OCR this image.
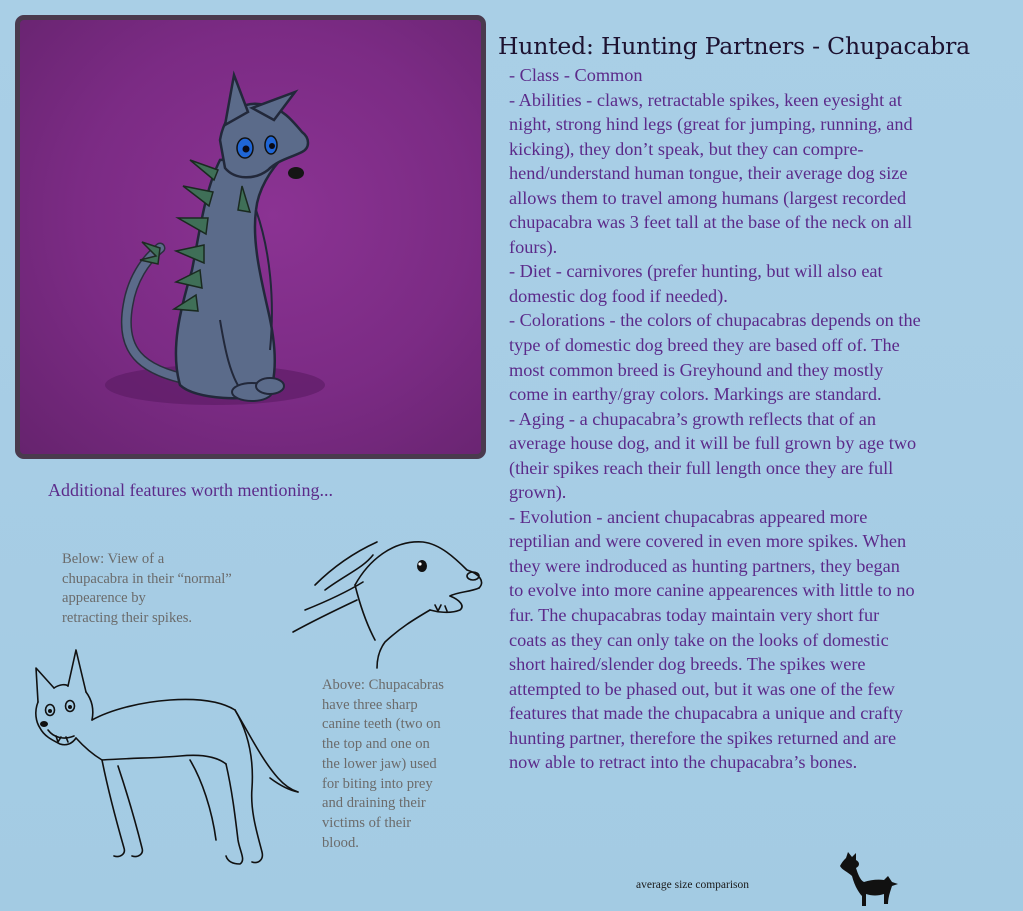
Hunted: Hunting Partners - Chupacabra
- Class - Common
- Abilities - claws, retractable spikes, keen eyesight at
night, strong hind legs (great for jumping, running, and
kicking), they don’t speak, but they can compre-
hend/understand human tongue, their average dog size
allows them to travel among humans (largest recorded
chupacabra was 3 feet tall at the base of the neck on all
fours).
- Diet - carnivores (prefer hunting, but will also eat
domestic dog food if needed).
- Colorations - the colors of chupacabras depends on the
type of domestic dog breed they are based off of. The
most common breed is Greyhound and they mostly
come in earthy/gray colors. Markings are standard.
- Aging - a chupacabra’s growth reflects that of an
average house dog, and it will be full grown by age two
(their spikes reach their full length once they are full
grown).
- Evolution - ancient chupacabras appeared more
reptilian and were covered in even more spikes. When
they were indroduced as hunting partners, they began
to evolve into more canine appearences with little to no
fur. The chupacabras today maintain very short fur
coats as they can only take on the looks of domestic
short haired/slender dog breeds. The spikes were
attempted to be phased out, but it was one of the few
features that made the chupacabra a unique and crafty
hunting partner, therefore the spikes returned and are
now able to retract into the chupacabra’s bones.
Additional features worth mentioning...
Below: View of a
chupacabra in their “normal”
appearence by
retracting their spikes.
Above: Chupacabras
have three sharp
canine teeth (two on
the top and one on
the lower jaw) used
for biting into prey
and draining their
victims of their
blood.
average size comparison
